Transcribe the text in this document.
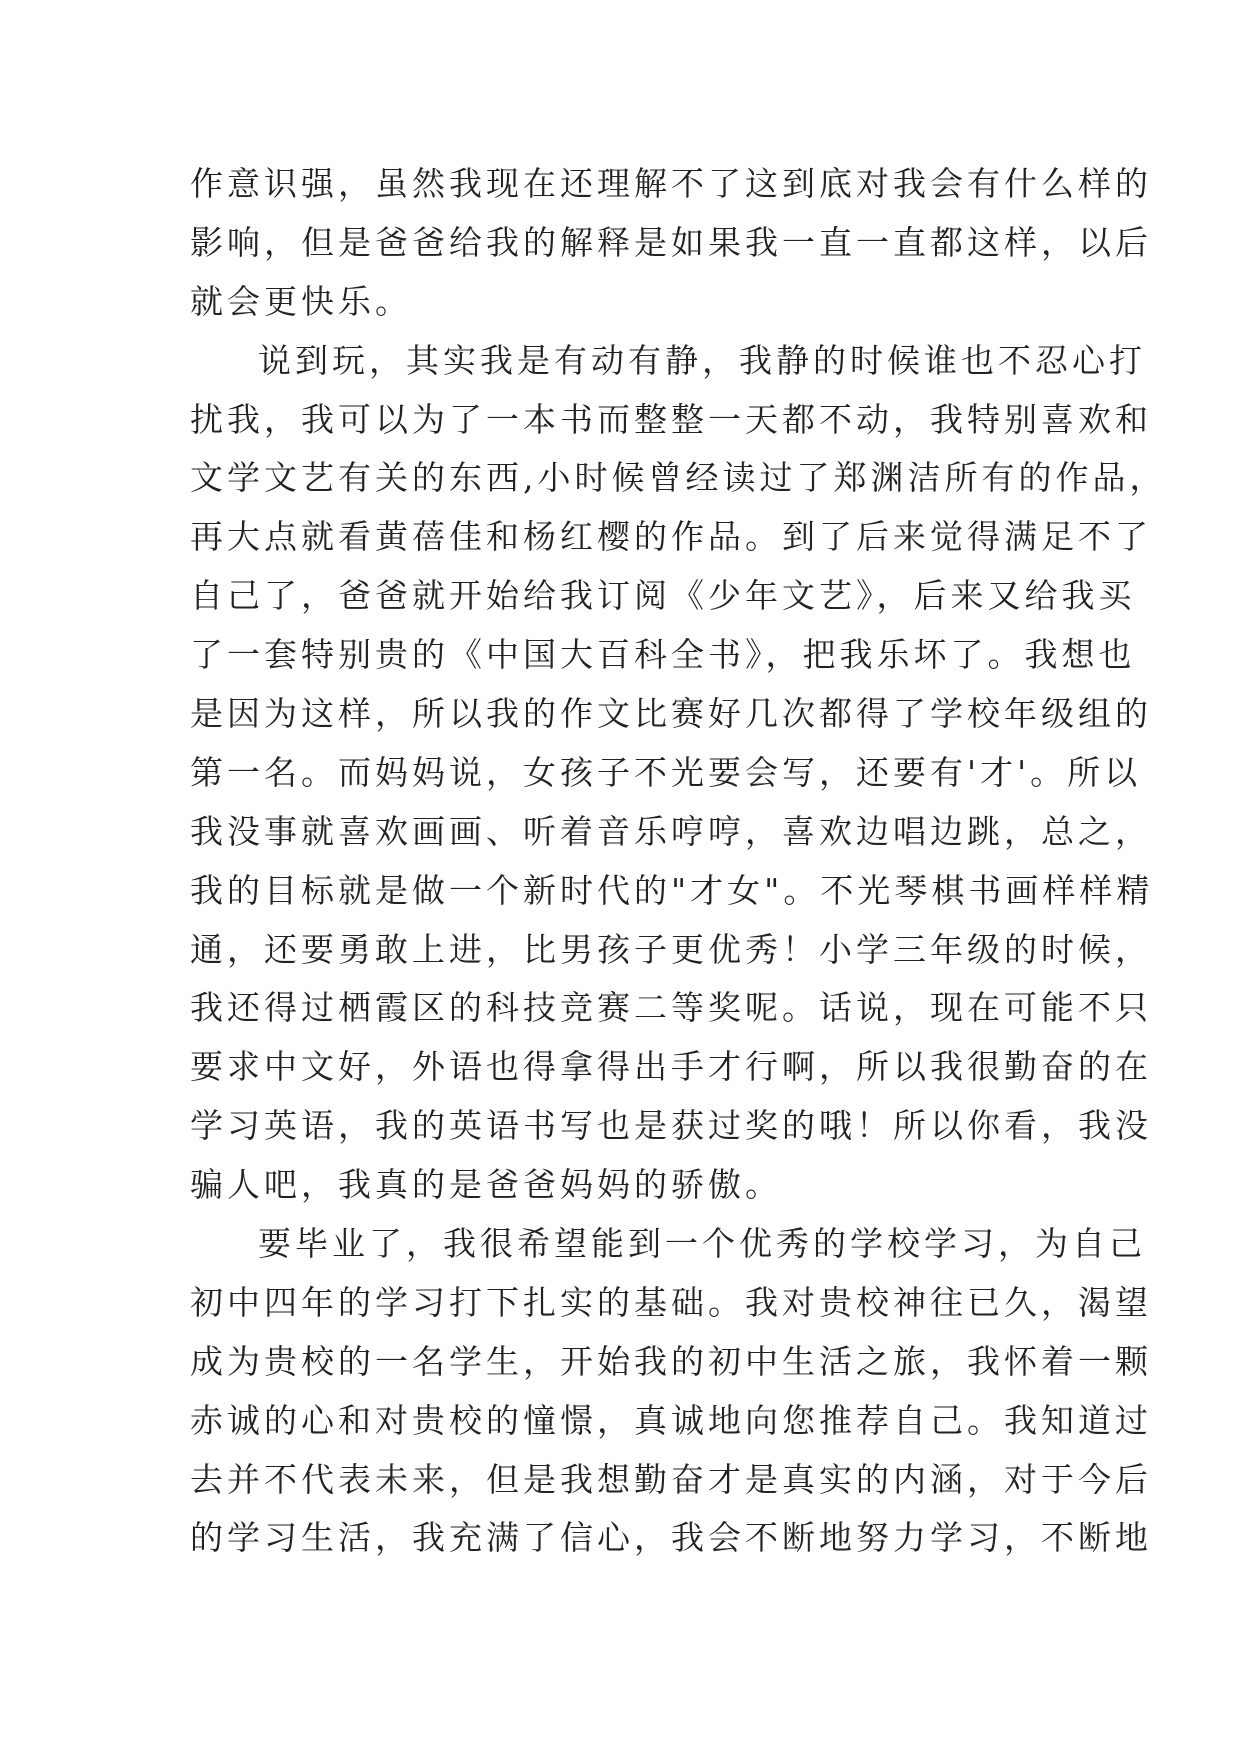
作意识强，虽然我现在还理解不了这到底对我会有什么样的
影响，但是爸爸给我的解释是如果我一直一直都这样，以后
就会更快乐。
说到玩，其实我是有动有静，我静的时候谁也不忍心打
扰我，我可以为了一本书而整整一天都不动，我特别喜欢和
文学文艺有关的东西,小时候曾经读过了郑渊洁所有的作品，
再大点就看黄蓓佳和杨红樱的作品。到了后来觉得满足不了
自己了，爸爸就开始给我订阅《少年文艺》，后来又给我买
了一套特别贵的《中国大百科全书》，把我乐坏了。我想也
是因为这样，所以我的作文比赛好几次都得了学校年级组的
第一名。而妈妈说，女孩子不光要会写，还要有'才'。所以
我没事就喜欢画画、听着音乐哼哼，喜欢边唱边跳，总之，
我的目标就是做一个新时代的"才女"。不光琴棋书画样样精
通，还要勇敢上进，比男孩子更优秀！小学三年级的时候，
我还得过栖霞区的科技竞赛二等奖呢。话说，现在可能不只
要求中文好，外语也得拿得出手才行啊，所以我很勤奋的在
学习英语，我的英语书写也是获过奖的哦！所以你看，我没
骗人吧，我真的是爸爸妈妈的骄傲。
要毕业了，我很希望能到一个优秀的学校学习，为自己
初中四年的学习打下扎实的基础。我对贵校神往已久，渴望
成为贵校的一名学生，开始我的初中生活之旅，我怀着一颗
赤诚的心和对贵校的憧憬，真诚地向您推荐自己。我知道过
去并不代表未来，但是我想勤奋才是真实的内涵，对于今后
的学习生活，我充满了信心，我会不断地努力学习，不断地
